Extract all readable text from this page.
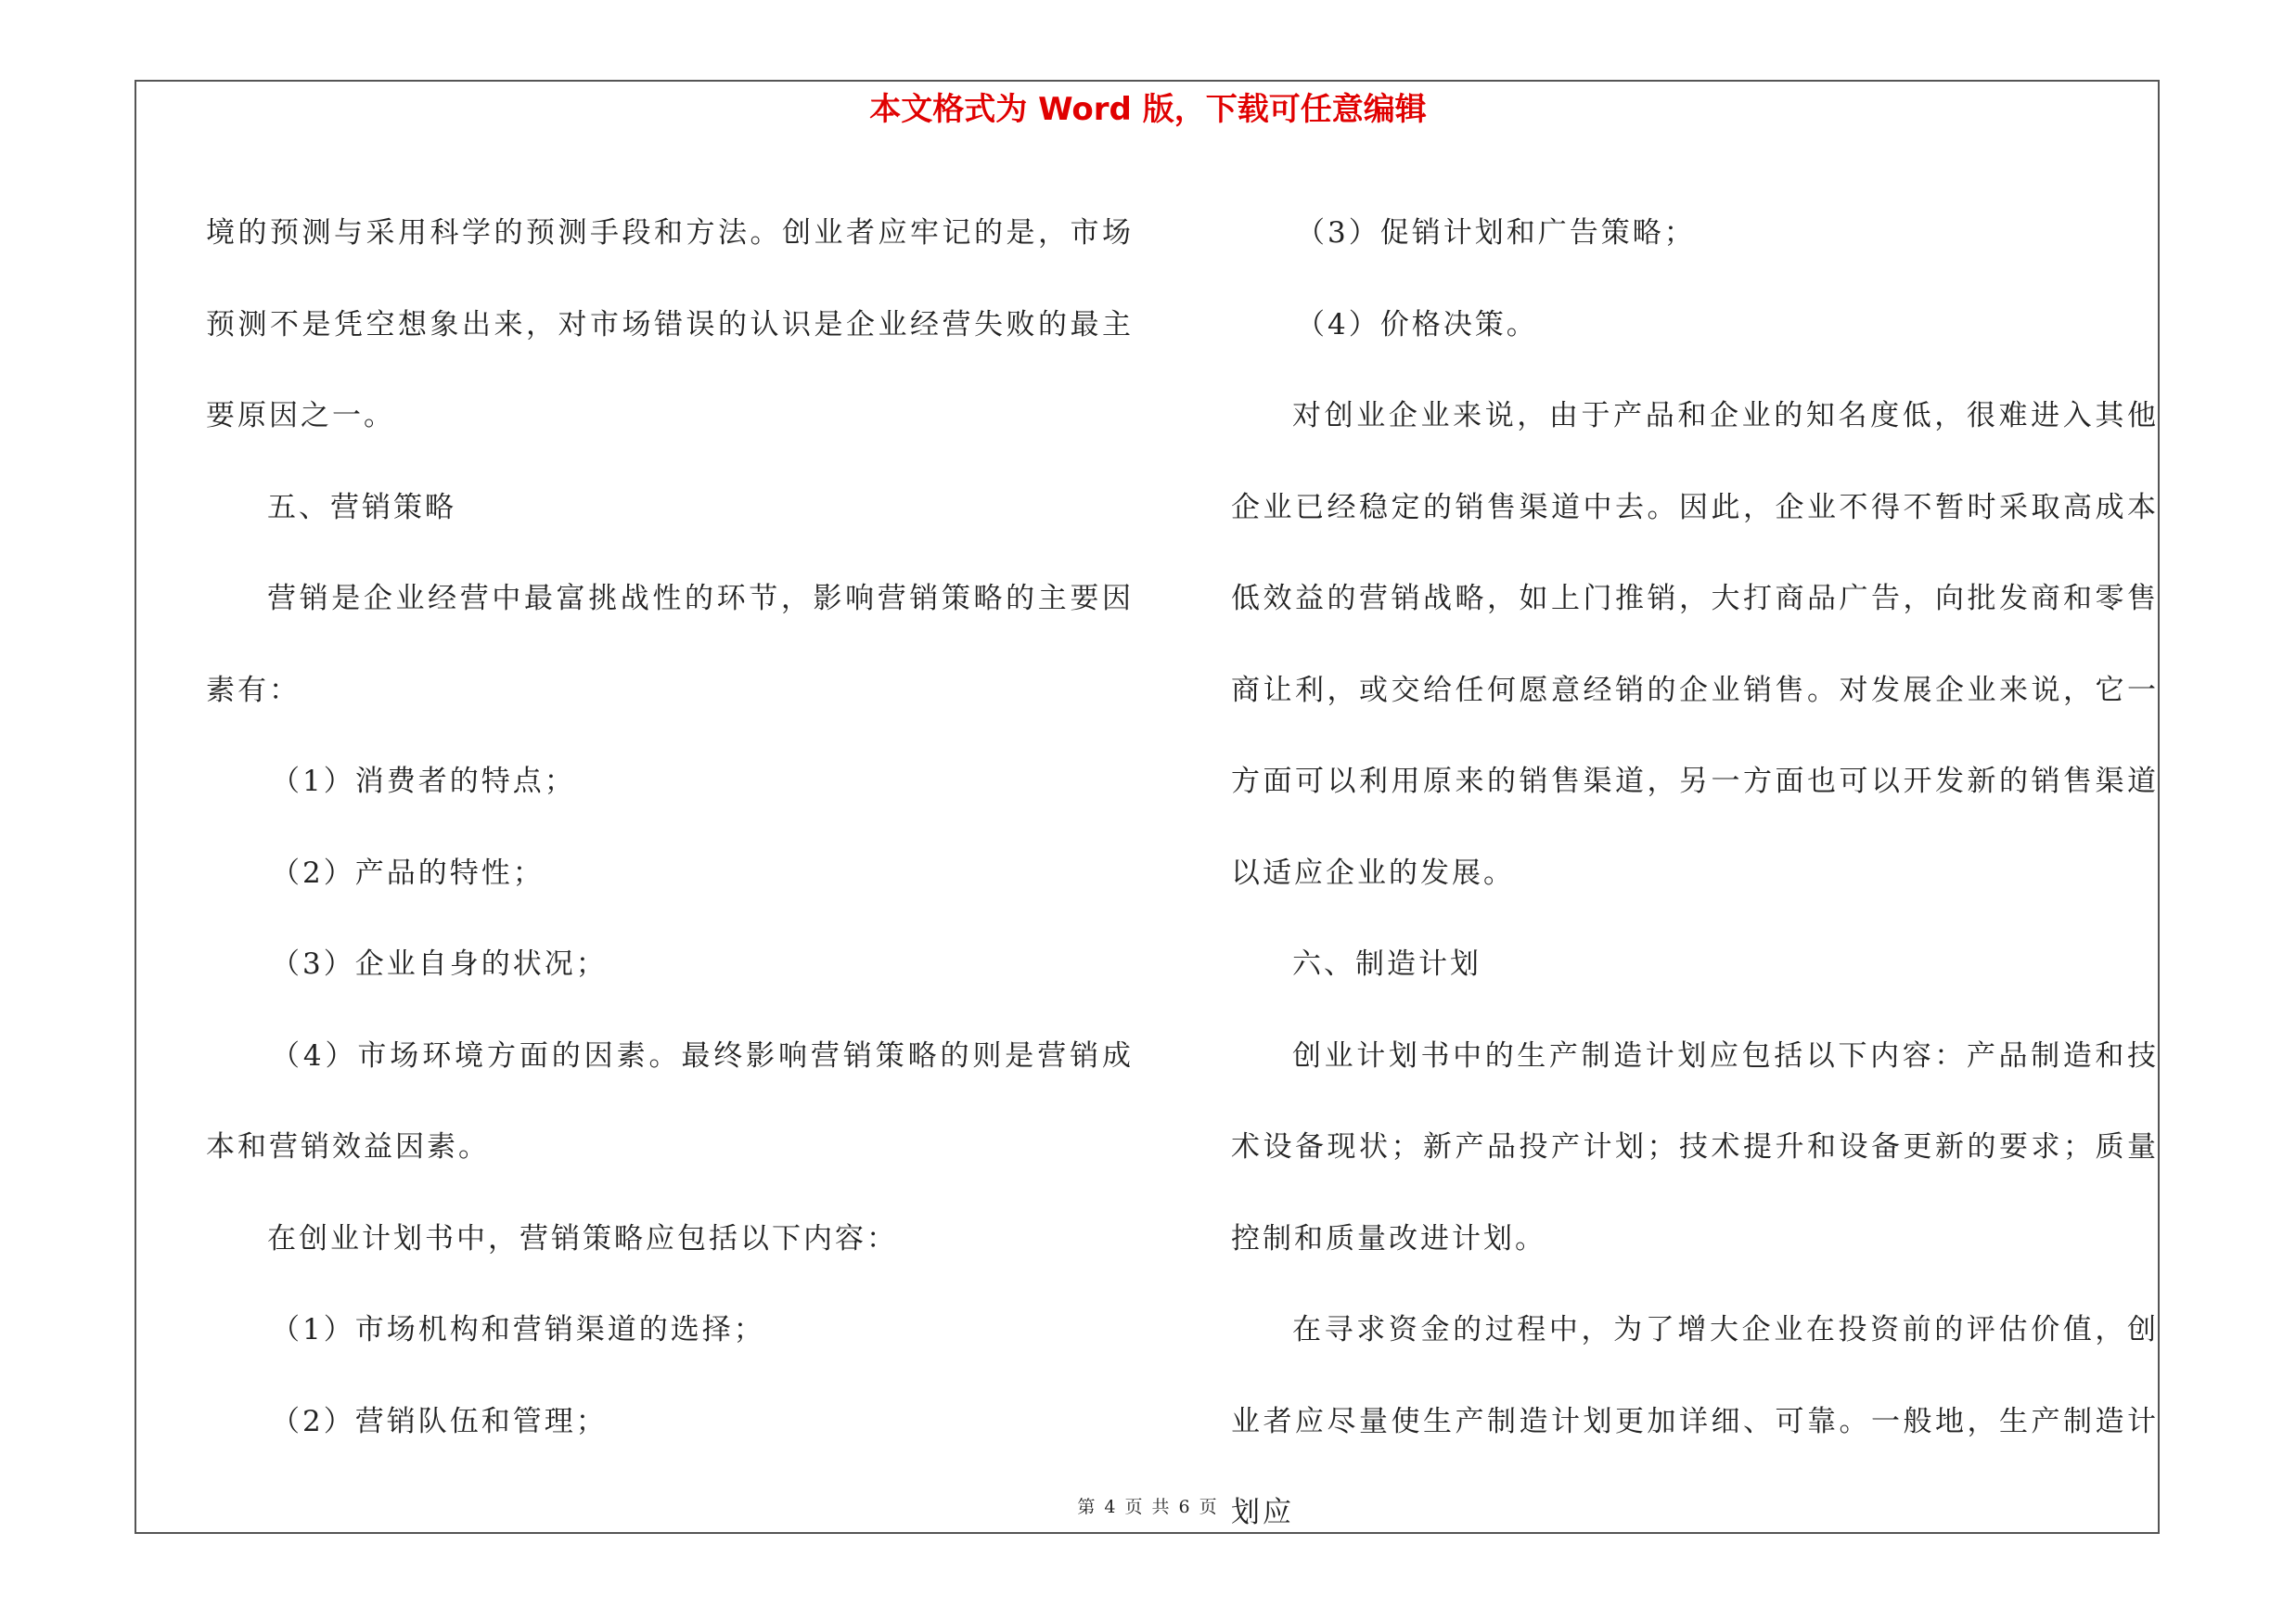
本文格式为 Word 版，下载可任意编辑

境的预测与采用科学的预测手段和方法。创业者应牢记的是，市场预测不是凭空想象出来，对市场错误的认识是企业经营失败的最主要原因之一。

五、营销策略

营销是企业经营中最富挑战性的环节，影响营销策略的主要因素有：

（1）消费者的特点；

（2）产品的特性；

（3）企业自身的状况；

（4）市场环境方面的因素。最终影响营销策略的则是营销成本和营销效益因素。

在创业计划书中，营销策略应包括以下内容：

（1）市场机构和营销渠道的选择；

（2）营销队伍和管理；

（3）促销计划和广告策略；

（4）价格决策。

对创业企业来说，由于产品和企业的知名度低，很难进入其他企业已经稳定的销售渠道中去。因此，企业不得不暂时采取高成本低效益的营销战略，如上门推销，大打商品广告，向批发商和零售商让利，或交给任何愿意经销的企业销售。对发展企业来说，它一方面可以利用原来的销售渠道，另一方面也可以开发新的销售渠道以适应企业的发展。

六、制造计划

创业计划书中的生产制造计划应包括以下内容：产品制造和技术设备现状；新产品投产计划；技术提升和设备更新的要求；质量控制和质量改进计划。

在寻求资金的过程中，为了增大企业在投资前的评估价值，创业者应尽量使生产制造计划更加详细、可靠。一般地，生产制造计划应

第 4 页 共 6 页
